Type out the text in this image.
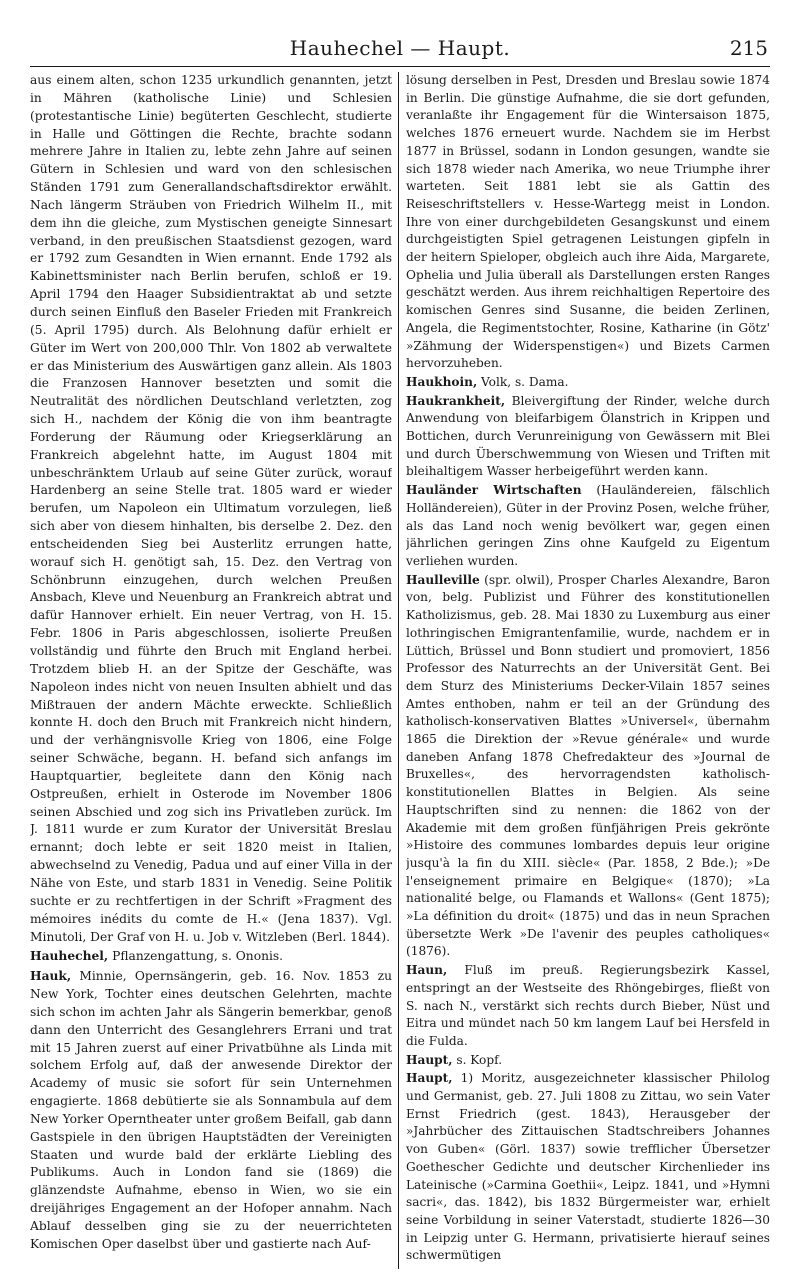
Hauhechel — Haupt.	215

aus einem alten, schon 1235 urkundlich genannten, jetzt in Mähren (katholische Linie) und Schlesien (protestantische Linie) begüterten Geschlecht, studierte in Halle und Göttingen die Rechte, brachte sodann mehrere Jahre in Italien zu, lebte zehn Jahre auf seinen Gütern in Schlesien und ward von den schlesischen Ständen 1791 zum Generallandschaftsdirektor erwählt. Nach längerm Sträuben von Friedrich Wilhelm II., mit dem ihn die gleiche, zum Mystischen geneigte Sinnesart verband, in den preußischen Staatsdienst gezogen, ward er 1792 zum Gesandten in Wien ernannt. Ende 1792 als Kabinettsminister nach Berlin berufen, schloß er 19. April 1794 den Haager Subsidientraktat ab und setzte durch seinen Einfluß den Baseler Frieden mit Frankreich (5. April 1795) durch. Als Belohnung dafür erhielt er Güter im Wert von 200,000 Thlr. Von 1802 ab verwaltete er das Ministerium des Auswärtigen ganz allein. Als 1803 die Franzosen Hannover besetzten und somit die Neutralität des nördlichen Deutschland verletzten, zog sich H., nachdem der König die von ihm beantragte Forderung der Räumung oder Kriegserklärung an Frankreich abgelehnt hatte, im August 1804 mit unbeschränktem Urlaub auf seine Güter zurück, worauf Hardenberg an seine Stelle trat. 1805 ward er wieder berufen, um Napoleon ein Ultimatum vorzulegen, ließ sich aber von diesem hinhalten, bis derselbe 2. Dez. den entscheidenden Sieg bei Austerlitz errungen hatte, worauf sich H. genötigt sah, 15. Dez. den Vertrag von Schönbrunn einzugehen, durch welchen Preußen Ansbach, Kleve und Neuenburg an Frankreich abtrat und dafür Hannover erhielt. Ein neuer Vertrag, von H. 15. Febr. 1806 in Paris abgeschlossen, isolierte Preußen vollständig und führte den Bruch mit England herbei. Trotzdem blieb H. an der Spitze der Geschäfte, was Napoleon indes nicht von neuen Insulten abhielt und das Mißtrauen der andern Mächte erweckte. Schließlich konnte H. doch den Bruch mit Frankreich nicht hindern, und der verhängnisvolle Krieg von 1806, eine Folge seiner Schwäche, begann. H. befand sich anfangs im Hauptquartier, begleitete dann den König nach Ostpreußen, erhielt in Osterode im November 1806 seinen Abschied und zog sich ins Privatleben zurück. Im J. 1811 wurde er zum Kurator der Universität Breslau ernannt; doch lebte er seit 1820 meist in Italien, abwechselnd zu Venedig, Padua und auf einer Villa in der Nähe von Este, und starb 1831 in Venedig. Seine Politik suchte er zu rechtfertigen in der Schrift »Fragment des mémoires inédits du comte de H.« (Jena 1837). Vgl. Minutoli, Der Graf von H. u. Job v. Witzleben (Berl. 1844).

Hauhechel, Pflanzengattung, s. Ononis.

Hauk, Minnie, Opernsängerin, geb. 16. Nov. 1853 zu New York, Tochter eines deutschen Gelehrten, machte sich schon im achten Jahr als Sängerin bemerkbar, genoß dann den Unterricht des Gesanglehrers Errani und trat mit 15 Jahren zuerst auf einer Privatbühne als Linda mit solchem Erfolg auf, daß der anwesende Direktor der Academy of music sie sofort für sein Unternehmen engagierte. 1868 debütierte sie als Sonnambula auf dem New Yorker Operntheater unter großem Beifall, gab dann Gastspiele in den übrigen Hauptstädten der Vereinigten Staaten und wurde bald der erklärte Liebling des Publikums. Auch in London fand sie (1869) die glänzendste Aufnahme, ebenso in Wien, wo sie ein dreijähriges Engagement an der Hofoper annahm. Nach Ablauf desselben ging sie zu der neuerrichteten Komischen Oper daselbst über und gastierte nach Auf-

lösung derselben in Pest, Dresden und Breslau sowie 1874 in Berlin. Die günstige Aufnahme, die sie dort gefunden, veranlaßte ihr Engagement für die Wintersaison 1875, welches 1876 erneuert wurde. Nachdem sie im Herbst 1877 in Brüssel, sodann in London gesungen, wandte sie sich 1878 wieder nach Amerika, wo neue Triumphe ihrer warteten. Seit 1881 lebt sie als Gattin des Reiseschriftstellers v. Hesse-Wartegg meist in London. Ihre von einer durchgebildeten Gesangskunst und einem durchgeistigten Spiel getragenen Leistungen gipfeln in der heitern Spieloper, obgleich auch ihre Aida, Margarete, Ophelia und Julia überall als Darstellungen ersten Ranges geschätzt werden. Aus ihrem reichhaltigen Repertoire des komischen Genres sind Susanne, die beiden Zerlinen, Angela, die Regimentstochter, Rosine, Katharine (in Götz' »Zähmung der Widerspenstigen«) und Bizets Carmen hervorzuheben.

Haukhoin, Volk, s. Dama.

Haukrankheit, Bleivergiftung der Rinder, welche durch Anwendung von bleifarbigem Ölanstrich in Krippen und Bottichen, durch Verunreinigung von Gewässern mit Blei und durch Überschwemmung von Wiesen und Triften mit bleihaltigem Wasser herbeigeführt werden kann.

Hauländer Wirtschaften (Hauländereien, fälschlich Holländereien), Güter in der Provinz Posen, welche früher, als das Land noch wenig bevölkert war, gegen einen jährlichen geringen Zins ohne Kaufgeld zu Eigentum verliehen wurden.

Haulleville (spr. olwil), Prosper Charles Alexandre, Baron von, belg. Publizist und Führer des konstitutionellen Katholizismus, geb. 28. Mai 1830 zu Luxemburg aus einer lothringischen Emigrantenfamilie, wurde, nachdem er in Lüttich, Brüssel und Bonn studiert und promoviert, 1856 Professor des Naturrechts an der Universität Gent. Bei dem Sturz des Ministeriums Decker-Vilain 1857 seines Amtes enthoben, nahm er teil an der Gründung des katholisch-konservativen Blattes »Universel«, übernahm 1865 die Direktion der »Revue générale« und wurde daneben Anfang 1878 Chefredakteur des »Journal de Bruxelles«, des hervorragendsten katholisch-konstitutionellen Blattes in Belgien. Als seine Hauptschriften sind zu nennen: die 1862 von der Akademie mit dem großen fünfjährigen Preis gekrönte »Histoire des communes lombardes depuis leur origine jusqu'à la fin du XIII. siècle« (Par. 1858, 2 Bde.); »De l'enseignement primaire en Belgique« (1870); »La nationalité belge, ou Flamands et Wallons« (Gent 1875); »La définition du droit« (1875) und das in neun Sprachen übersetzte Werk »De l'avenir des peuples catholiques« (1876).

Haun, Fluß im preuß. Regierungsbezirk Kassel, entspringt an der Westseite des Rhöngebirges, fließt von S. nach N., verstärkt sich rechts durch Bieber, Nüst und Eitra und mündet nach 50 km langem Lauf bei Hersfeld in die Fulda.

Haupt, s. Kopf.

Haupt, 1) Moritz, ausgezeichneter klassischer Philolog und Germanist, geb. 27. Juli 1808 zu Zittau, wo sein Vater Ernst Friedrich (gest. 1843), Herausgeber der »Jahrbücher des Zittauischen Stadtschreibers Johannes von Guben« (Görl. 1837) sowie trefflicher Übersetzer Goethescher Gedichte und deutscher Kirchenlieder ins Lateinische (»Carmina Goethii«, Leipz. 1841, und »Hymni sacri«, das. 1842), bis 1832 Bürgermeister war, erhielt seine Vorbildung in seiner Vaterstadt, studierte 1826—30 in Leipzig unter G. Hermann, privatisierte hierauf seines schwermütigen
